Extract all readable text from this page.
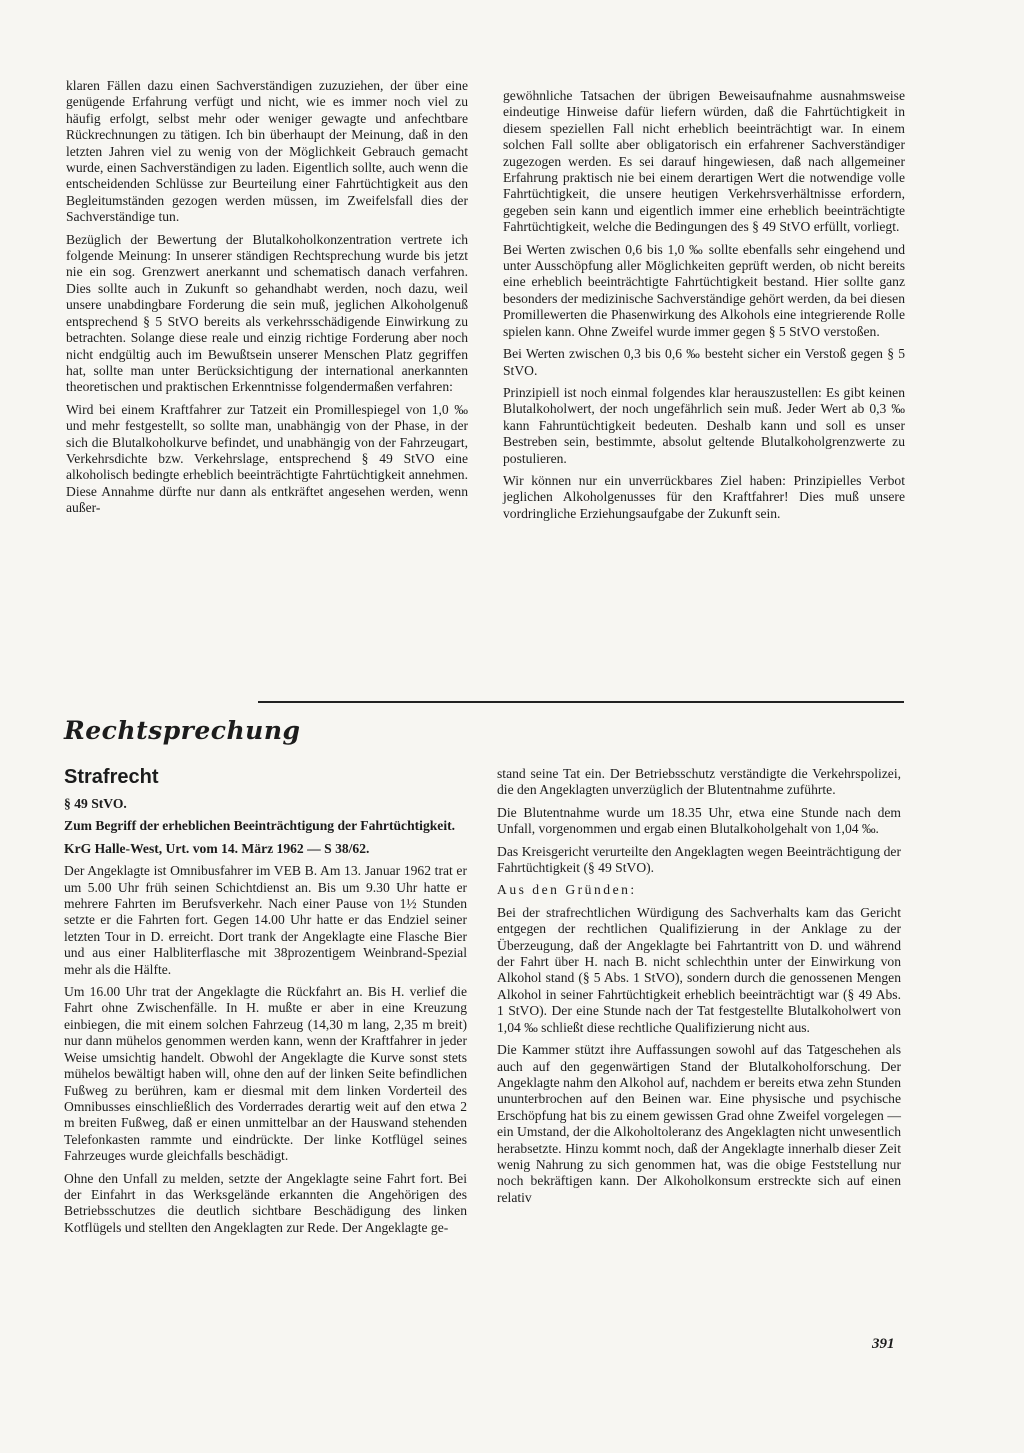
klaren Fällen dazu einen Sachverständigen zuzuziehen, der über eine genügende Erfahrung verfügt und nicht, wie es immer noch viel zu häufig erfolgt, selbst mehr oder weniger gewagte und anfechtbare Rückrechnungen zu tätigen. Ich bin überhaupt der Meinung, daß in den letzten Jahren viel zu wenig von der Möglichkeit Gebrauch gemacht wurde, einen Sachverständigen zu laden. Eigentlich sollte, auch wenn die entscheidenden Schlüsse zur Beurteilung einer Fahrtüchtigkeit aus den Begleitumständen gezogen werden müssen, im Zweifelsfall dies der Sachverständige tun.

Bezüglich der Bewertung der Blutalkoholkonzentration vertrete ich folgende Meinung: In unserer ständigen Rechtsprechung wurde bis jetzt nie ein sog. Grenzwert anerkannt und schematisch danach verfahren. Dies sollte auch in Zukunft so gehandhabt werden, noch dazu, weil unsere unabdingbare Forderung die sein muß, jeglichen Alkoholgenuß entsprechend § 5 StVO bereits als verkehrsschädigende Einwirkung zu betrachten. Solange diese reale und einzig richtige Forderung aber noch nicht endgültig auch im Bewußtsein unserer Menschen Platz gegriffen hat, sollte man unter Berücksichtigung der international anerkannten theoretischen und praktischen Erkenntnisse folgendermaßen verfahren:

Wird bei einem Kraftfahrer zur Tatzeit ein Promillespiegel von 1,0 ‰ und mehr festgestellt, so sollte man, unabhängig von der Phase, in der sich die Blutalkoholkurve befindet, und unabhängig von der Fahrzeugart, Verkehrsdichte bzw. Verkehrslage, entsprechend § 49 StVO eine alkoholisch bedingte erheblich beeinträchtigte Fahrtüchtigkeit annehmen. Diese Annahme dürfte nur dann als entkräftet angesehen werden, wenn außer-

gewöhnliche Tatsachen der übrigen Beweisaufnahme ausnahmsweise eindeutige Hinweise dafür liefern würden, daß die Fahrtüchtigkeit in diesem speziellen Fall nicht erheblich beeinträchtigt war. In einem solchen Fall sollte aber obligatorisch ein erfahrener Sachverständiger zugezogen werden. Es sei darauf hingewiesen, daß nach allgemeiner Erfahrung praktisch nie bei einem derartigen Wert die notwendige volle Fahrtüchtigkeit, die unsere heutigen Verkehrsverhältnisse erfordern, gegeben sein kann und eigentlich immer eine erheblich beeinträchtigte Fahrtüchtigkeit, welche die Bedingungen des § 49 StVO erfüllt, vorliegt.

Bei Werten zwischen 0,6 bis 1,0 ‰ sollte ebenfalls sehr eingehend und unter Ausschöpfung aller Möglichkeiten geprüft werden, ob nicht bereits eine erheblich beeinträchtigte Fahrtüchtigkeit bestand. Hier sollte ganz besonders der medizinische Sachverständige gehört werden, da bei diesen Promillewerten die Phasenwirkung des Alkohols eine integrierende Rolle spielen kann. Ohne Zweifel wurde immer gegen § 5 StVO verstoßen.

Bei Werten zwischen 0,3 bis 0,6 ‰ besteht sicher ein Verstoß gegen § 5 StVO.

Prinzipiell ist noch einmal folgendes klar herauszustellen: Es gibt keinen Blutalkoholwert, der noch ungefährlich sein muß. Jeder Wert ab 0,3 ‰ kann Fahruntüchtigkeit bedeuten. Deshalb kann und soll es unser Bestreben sein, bestimmte, absolut geltende Blutalkoholgrenzwerte zu postulieren.

Wir können nur ein unverrückbares Ziel haben: Prinzipielles Verbot jeglichen Alkoholgenusses für den Kraftfahrer! Dies muß unsere vordringliche Erziehungsaufgabe der Zukunft sein.

Rechtsprechung
Strafrecht
§ 49 StVO.
Zum Begriff der erheblichen Beeinträchtigung der Fahrtüchtigkeit.
KrG Halle-West, Urt. vom 14. März 1962 — S 38/62.

Der Angeklagte ist Omnibusfahrer im VEB B. Am 13. Januar 1962 trat er um 5.00 Uhr früh seinen Schichtdienst an. Bis um 9.30 Uhr hatte er mehrere Fahrten im Berufsverkehr. Nach einer Pause von 1½ Stunden setzte er die Fahrten fort. Gegen 14.00 Uhr hatte er das Endziel seiner letzten Tour in D. erreicht. Dort trank der Angeklagte eine Flasche Bier und aus einer Halbliterflasche mit 38prozentigem Weinbrand-Spezial mehr als die Hälfte.

Um 16.00 Uhr trat der Angeklagte die Rückfahrt an. Bis H. verlief die Fahrt ohne Zwischenfälle. In H. mußte er aber in eine Kreuzung einbiegen, die mit einem solchen Fahrzeug (14,30 m lang, 2,35 m breit) nur dann mühelos genommen werden kann, wenn der Kraftfahrer in jeder Weise umsichtig handelt. Obwohl der Angeklagte die Kurve sonst stets mühelos bewältigt haben will, ohne den auf der linken Seite befindlichen Fußweg zu berühren, kam er diesmal mit dem linken Vorderteil des Omnibusses einschließlich des Vorderrades derartig weit auf den etwa 2 m breiten Fußweg, daß er einen unmittelbar an der Hauswand stehenden Telefonkasten rammte und eindrückte. Der linke Kotflügel seines Fahrzeuges wurde gleichfalls beschädigt.

Ohne den Unfall zu melden, setzte der Angeklagte seine Fahrt fort. Bei der Einfahrt in das Werksgelände erkannten die Angehörigen des Betriebsschutzes die deutlich sichtbare Beschädigung des linken Kotflügels und stellten den Angeklagten zur Rede. Der Angeklagte ge-

stand seine Tat ein. Der Betriebsschutz verständigte die Verkehrspolizei, die den Angeklagten unverzüglich der Blutentnahme zuführte.

Die Blutentnahme wurde um 18.35 Uhr, etwa eine Stunde nach dem Unfall, vorgenommen und ergab einen Blutalkoholgehalt von 1,04 ‰.

Das Kreisgericht verurteilte den Angeklagten wegen Beeinträchtigung der Fahrtüchtigkeit (§ 49 StVO).

Aus den Gründen:

Bei der strafrechtlichen Würdigung des Sachverhalts kam das Gericht entgegen der rechtlichen Qualifizierung in der Anklage zu der Überzeugung, daß der Angeklagte bei Fahrtantritt von D. und während der Fahrt über H. nach B. nicht schlechthin unter der Einwirkung von Alkohol stand (§ 5 Abs. 1 StVO), sondern durch die genossenen Mengen Alkohol in seiner Fahrtüchtigkeit erheblich beeinträchtigt war (§ 49 Abs. 1 StVO). Der eine Stunde nach der Tat festgestellte Blutalkoholwert von 1,04 ‰ schließt diese rechtliche Qualifizierung nicht aus.

Die Kammer stützt ihre Auffassungen sowohl auf das Tatgeschehen als auch auf den gegenwärtigen Stand der Blutalkoholforschung. Der Angeklagte nahm den Alkohol auf, nachdem er bereits etwa zehn Stunden ununterbrochen auf den Beinen war. Eine physische und psychische Erschöpfung hat bis zu einem gewissen Grad ohne Zweifel vorgelegen — ein Umstand, der die Alkoholtoleranz des Angeklagten nicht unwesentlich herabsetzte. Hinzu kommt noch, daß der Angeklagte innerhalb dieser Zeit wenig Nahrung zu sich genommen hat, was die obige Feststellung nur noch bekräftigen kann. Der Alkoholkonsum erstreckte sich auf einen relativ

391
